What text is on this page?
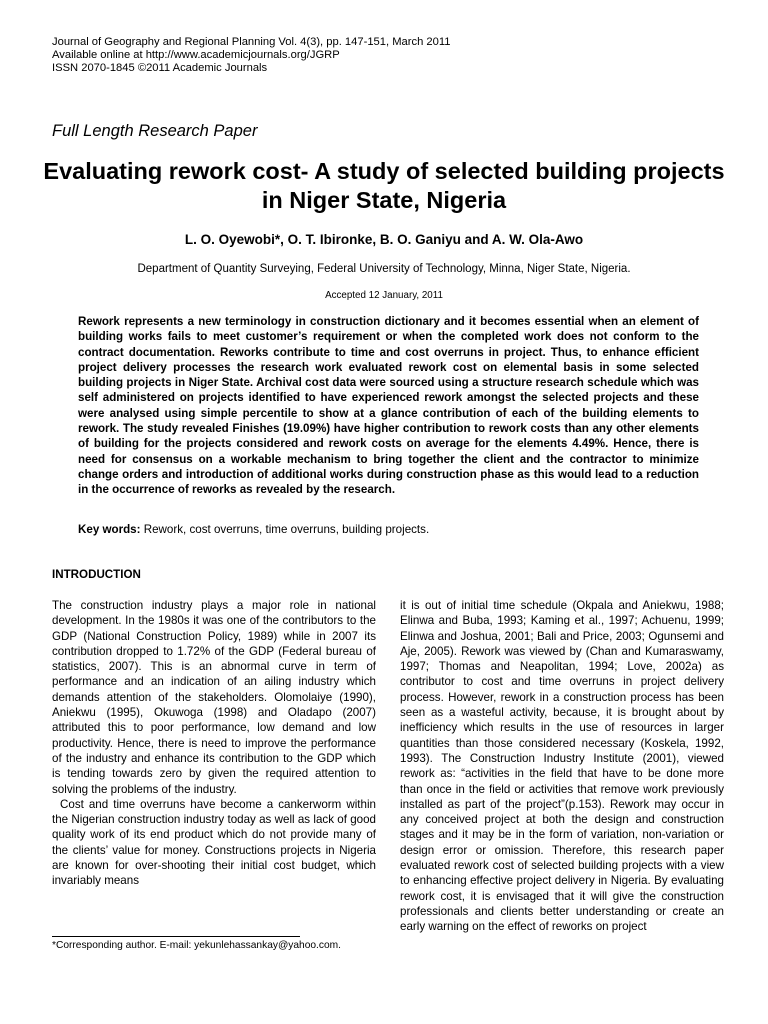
Journal of Geography and Regional Planning Vol. 4(3), pp. 147-151, March 2011
Available online at http://www.academicjournals.org/JGRP
ISSN 2070-1845 ©2011 Academic Journals
Full Length Research Paper
Evaluating rework cost- A study of selected building projects in Niger State, Nigeria
L. O. Oyewobi*, O. T. Ibironke, B. O. Ganiyu and A. W. Ola-Awo
Department of Quantity Surveying, Federal University of Technology, Minna, Niger State, Nigeria.
Accepted 12 January, 2011
Rework represents a new terminology in construction dictionary and it becomes essential when an element of building works fails to meet customer’s requirement or when the completed work does not conform to the contract documentation. Reworks contribute to time and cost overruns in project. Thus, to enhance efficient project delivery processes the research work evaluated rework cost on elemental basis in some selected building projects in Niger State. Archival cost data were sourced using a structure research schedule which was self administered on projects identified to have experienced rework amongst the selected projects and these were analysed using simple percentile to show at a glance contribution of each of the building elements to rework. The study revealed Finishes (19.09%) have higher contribution to rework costs than any other elements of building for the projects considered and rework costs on average for the elements 4.49%. Hence, there is need for consensus on a workable mechanism to bring together the client and the contractor to minimize change orders and introduction of additional works during construction phase as this would lead to a reduction in the occurrence of reworks as revealed by the research.
Key words: Rework, cost overruns, time overruns, building projects.
INTRODUCTION

The construction industry plays a major role in national development. In the 1980s it was one of the contributors to the GDP (National Construction Policy, 1989) while in 2007 its contribution dropped to 1.72% of the GDP (Federal bureau of statistics, 2007). This is an abnormal curve in term of performance and an indication of an ailing industry which demands attention of the stakeholders. Olomolaiye (1990), Aniekwu (1995), Okuwoga (1998) and Oladapo (2007) attributed this to poor performance, low demand and low productivity. Hence, there is need to improve the performance of the industry and enhance its contribution to the GDP which is tending towards zero by given the required attention to solving the problems of the industry.

Cost and time overruns have become a cankerworm within the Nigerian construction industry today as well as lack of good quality work of its end product which do not provide many of the clients’ value for money. Constructions projects in Nigeria are known for over-shooting their initial cost budget, which invariably means

it is out of initial time schedule (Okpala and Aniekwu, 1988; Elinwa and Buba, 1993; Kaming et al., 1997; Achuenu, 1999; Elinwa and Joshua, 2001; Bali and Price, 2003; Ogunsemi and Aje, 2005). Rework was viewed by (Chan and Kumaraswamy, 1997; Thomas and Neapolitan, 1994; Love, 2002a) as contributor to cost and time overruns in project delivery process. However, rework in a construction process has been seen as a wasteful activity, because, it is brought about by inefficiency which results in the use of resources in larger quantities than those considered necessary (Koskela, 1992, 1993). The Construction Industry Institute (2001), viewed rework as: “activities in the field that have to be done more than once in the field or activities that remove work previously installed as part of the project”(p.153). Rework may occur in any conceived project at both the design and construction stages and it may be in the form of variation, non-variation or design error or omission. Therefore, this research paper evaluated rework cost of selected building projects with a view to enhancing effective project delivery in Nigeria. By evaluating rework cost, it is envisaged that it will give the construction professionals and clients better understanding or create an early warning on the effect of reworks on project

*Corresponding author. E-mail: yekunlehassankay@yahoo.com.
